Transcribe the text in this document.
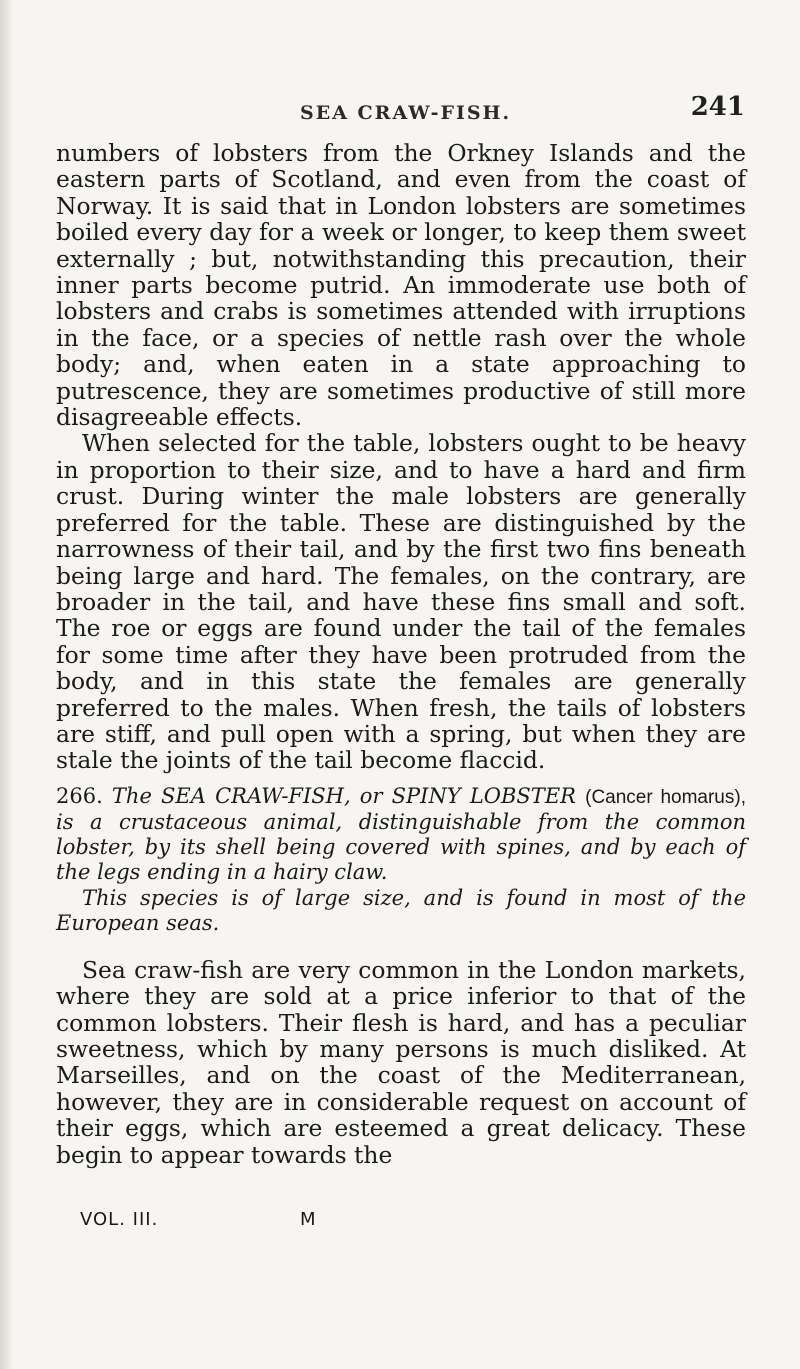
SEA CRAW-FISH.	241

numbers of lobsters from the Orkney Islands and the eastern parts of Scotland, and even from the coast of Norway. It is said that in London lobsters are sometimes boiled every day for a week or longer, to keep them sweet externally ; but, notwithstanding this precaution, their inner parts become putrid. An immoderate use both of lobsters and crabs is sometimes attended with irruptions in the face, or a species of nettle rash over the whole body; and, when eaten in a state approaching to putrescence, they are sometimes productive of still more disagreeable effects.

When selected for the table, lobsters ought to be heavy in proportion to their size, and to have a hard and firm crust. During winter the male lobsters are generally preferred for the table. These are distinguished by the narrowness of their tail, and by the first two fins beneath being large and hard. The females, on the contrary, are broader in the tail, and have these fins small and soft. The roe or eggs are found under the tail of the females for some time after they have been protruded from the body, and in this state the females are generally preferred to the males. When fresh, the tails of lobsters are stiff, and pull open with a spring, but when they are stale the joints of the tail become flaccid.

266. The SEA CRAW-FISH, or SPINY LOBSTER (Cancer homarus), is a crustaceous animal, distinguishable from the common lobster, by its shell being covered with spines, and by each of the legs ending in a hairy claw.

This species is of large size, and is found in most of the European seas.

Sea craw-fish are very common in the London markets, where they are sold at a price inferior to that of the common lobsters. Their flesh is hard, and has a peculiar sweetness, which by many persons is much disliked. At Marseilles, and on the coast of the Mediterranean, however, they are in considerable request on account of their eggs, which are esteemed a great delicacy. These begin to appear towards the

VOL. III.	M
